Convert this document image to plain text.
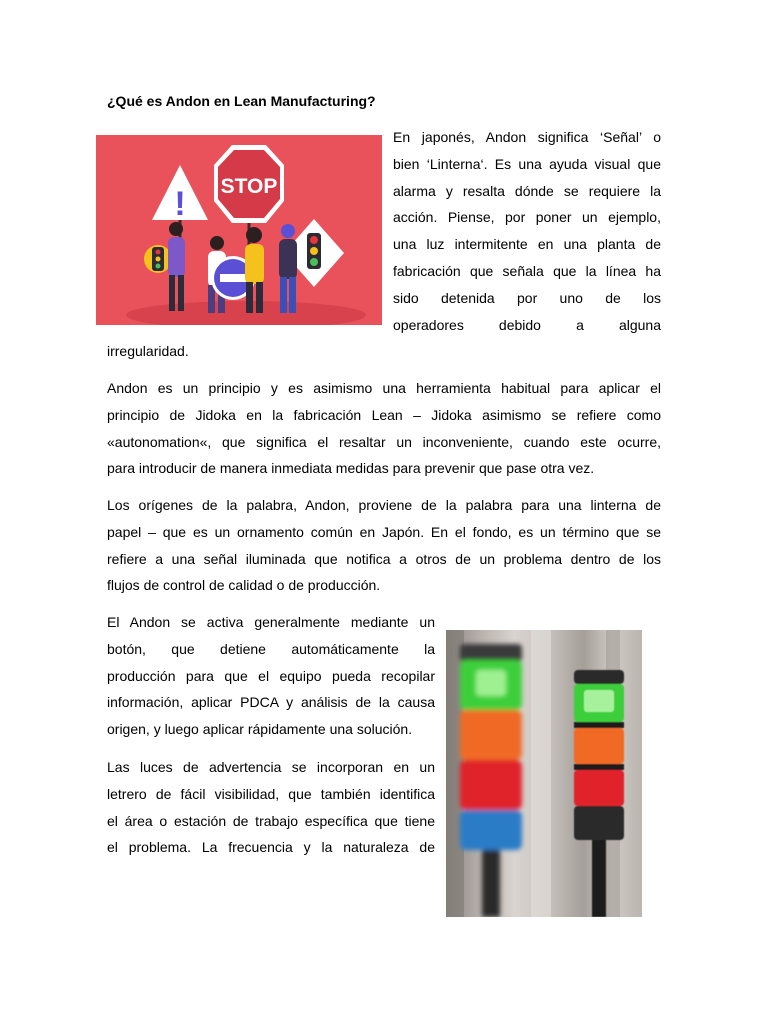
¿Qué es Andon en Lean Manufacturing?
! STOP
En japonés, Andon significa ‘Señal’ o
bien ‘Linterna‘. Es una ayuda visual que
alarma y resalta dónde se requiere la
acción. Piense, por poner un ejemplo,
una luz intermitente en una planta de
fabricación que señala que la línea ha
sido detenida por uno de los
operadores debido a alguna
irregularidad.
Andon es un principio y es asimismo una herramienta habitual para aplicar el
principio de Jidoka en la fabricación Lean – Jidoka asimismo se refiere como
«autonomation«, que significa el resaltar un inconveniente, cuando este ocurre,
para introducir de manera inmediata medidas para prevenir que pase otra vez.
Los orígenes de la palabra, Andon, proviene de la palabra para una linterna de
papel – que es un ornamento común en Japón. En el fondo, es un término que se
refiere a una señal iluminada que notifica a otros de un problema dentro de los
flujos de control de calidad o de producción.
El Andon se activa generalmente mediante un
botón, que detiene automáticamente la
producción para que el equipo pueda recopilar
información, aplicar PDCA y análisis de la causa
origen, y luego aplicar rápidamente una solución.
Las luces de advertencia se incorporan en un
letrero de fácil visibilidad, que también identifica
el área o estación de trabajo específica que tiene
el problema. La frecuencia y la naturaleza de
